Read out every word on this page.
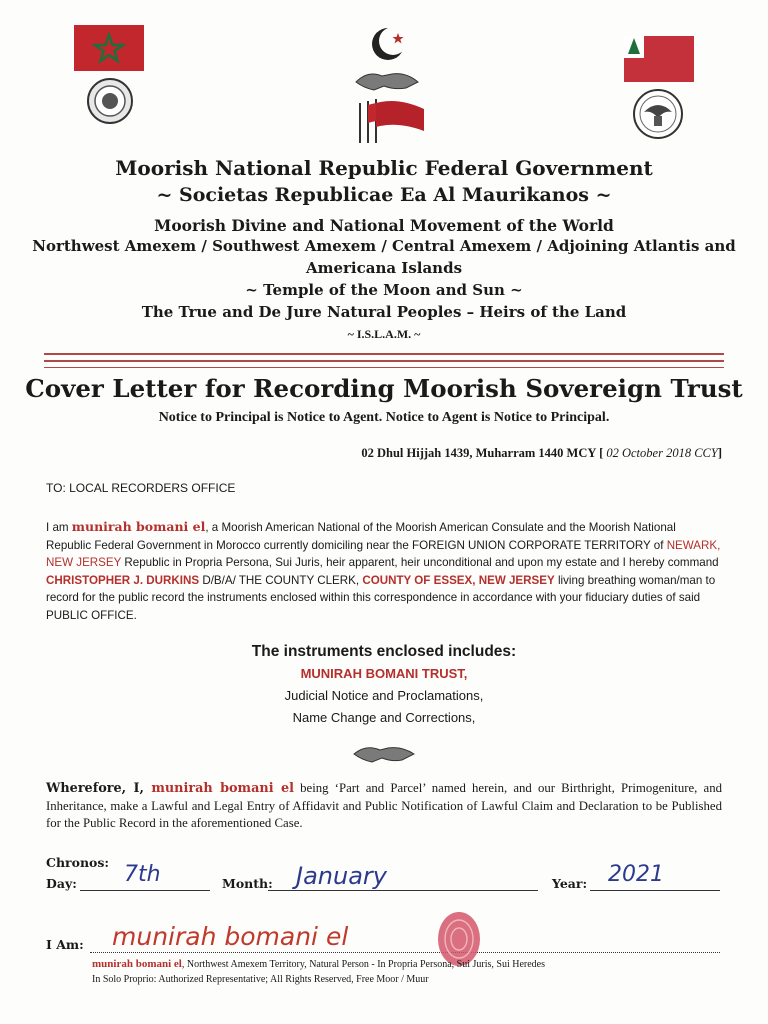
Moorish National Republic Federal Government
~ Societas Republicae Ea Al Maurikanos ~
Moorish Divine and National Movement of the World
Northwest Amexem / Southwest Amexem / Central Amexem / Adjoining Atlantis and
Americana Islands
~ Temple of the Moon and Sun ~
The True and De Jure Natural Peoples – Heirs of the Land
~ I.S.L.A.M. ~
Cover Letter for Recording Moorish Sovereign Trust
Notice to Principal is Notice to Agent. Notice to Agent is Notice to Principal.
02 Dhul Hijjah 1439, Muharram 1440 MCY [ 02 October 2018 CCY]
TO: LOCAL RECORDERS OFFICE
I am munirah bomani el, a Moorish American National of the Moorish American Consulate and the Moorish National Republic Federal Government in Morocco currently domiciling near the FOREIGN UNION CORPORATE TERRITORY of NEWARK, NEW JERSEY Republic in Propria Persona, Sui Juris, heir apparent, heir unconditional and upon my estate and I hereby command CHRISTOPHER J. DURKINS D/B/A/ THE COUNTY CLERK, COUNTY OF ESSEX, NEW JERSEY living breathing woman/man to record for the public record the instruments enclosed within this correspondence in accordance with your fiduciary duties of said PUBLIC OFFICE.
The instruments enclosed includes:
MUNIRAH BOMANI TRUST,
Judicial Notice and Proclamations,
Name Change and Corrections,
Wherefore, I, munirah bomani el being ‘Part and Parcel’ named herein, and our Birthright, Primogeniture, and Inheritance, make a Lawful and Legal Entry of Affidavit and Public Notification of Lawful Claim and Declaration to be Published for the Public Record in the aforementioned Case.
Chronos:
Day: 7th	Month: January	Year: 2021
I Am: munirah bomani el
munirah bomani el, Northwest Amexem Territory, Natural Person - In Propria Persona, Sui Juris, Sui Heredes
In Solo Proprio: Authorized Representative; All Rights Reserved, Free Moor / Muur
